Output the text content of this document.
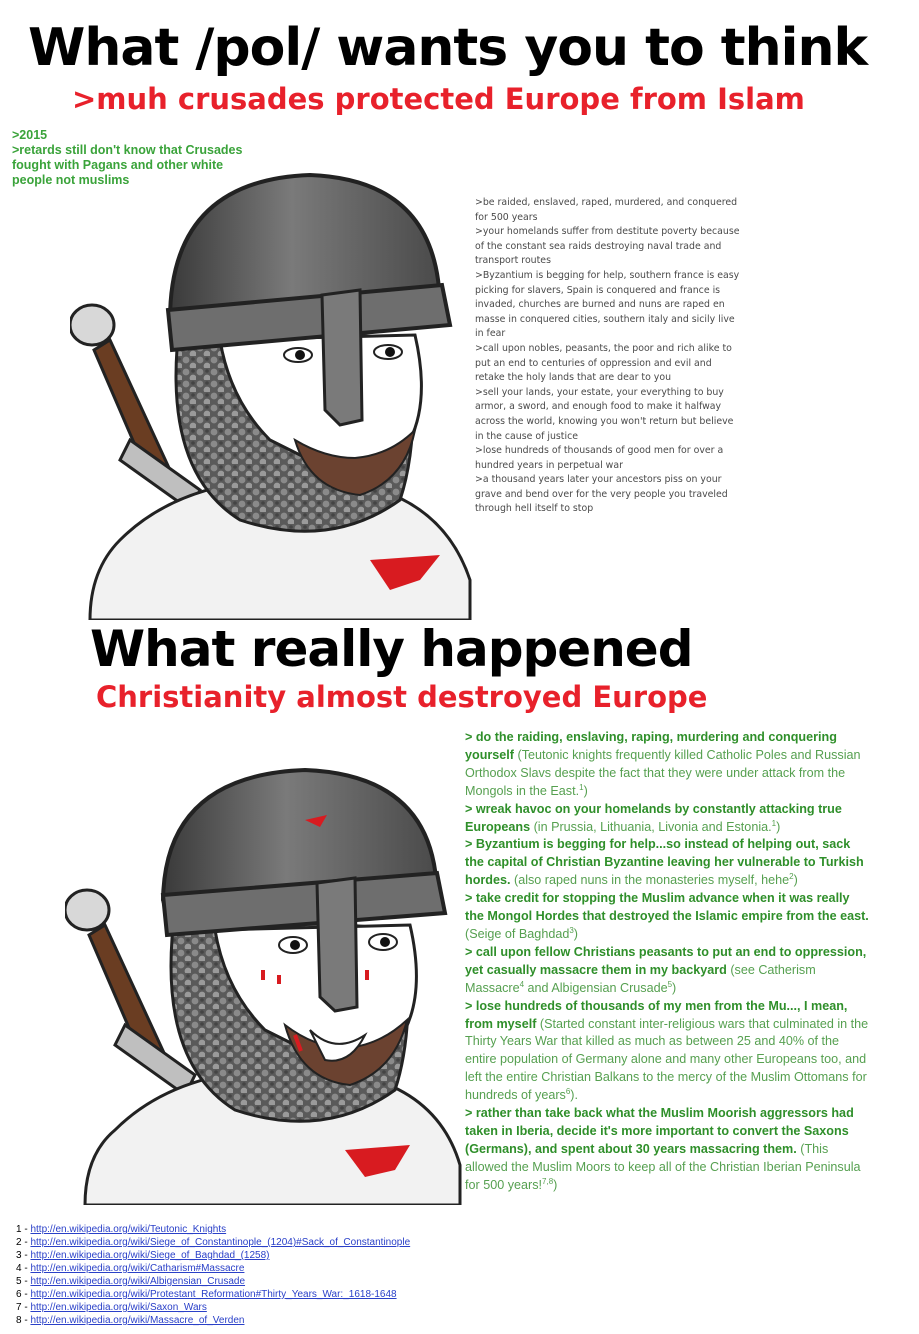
What /pol/ wants you to think
>muh crusades protected Europe from Islam
>2015
>retards still don't know that Crusades fought with Pagans and other white people not muslims
>be raided, enslaved, raped, murdered, and conquered for 500 years
>your homelands suffer from destitute poverty because of the constant sea raids destroying naval trade and transport routes
>Byzantium is begging for help, southern france is easy picking for slavers, Spain is conquered and france is invaded, churches are burned and nuns are raped en masse in conquered cities, southern italy and sicily live in fear
>call upon nobles, peasants, the poor and rich alike to put an end to centuries of oppression and evil and retake the holy lands that are dear to you
>sell your lands, your estate, your everything to buy armor, a sword, and enough food to make it halfway across the world, knowing you won't return but believe in the cause of justice
>lose hundreds of thousands of good men for over a hundred years in perpetual war
>a thousand years later your ancestors piss on your grave and bend over for the very people you traveled through hell itself to stop
What really happened
Christianity almost destroyed Europe
> do the raiding, enslaving, raping, murdering and conquering yourself (Teutonic knights frequently killed Catholic Poles and Russian Orthodox Slavs despite the fact that they were under attack from the Mongols in the East.$^1$)
> wreak havoc on your homelands by constantly attacking true Europeans (in Prussia, Lithuania, Livonia and Estonia.$^1$)
> Byzantium is begging for help...so instead of helping out, sack the capital of Christian Byzantine leaving her vulnerable to Turkish hordes. (also raped nuns in the monasteries myself, hehe$^2$)
> take credit for stopping the Muslim advance when it was really the Mongol Hordes that destroyed the Islamic empire from the east. (Seige of Baghdad$^3$)
> call upon fellow Christians peasants to put an end to oppression, yet casually massacre them in my backyard (see Catherism Massacre$^4$ and Albigensian Crusade$^5$)
> lose hundreds of thousands of my men from the Mu..., I mean, from myself (Started constant inter-religious wars that culminated in the Thirty Years War that killed as much as between 25 and 40% of the entire population of Germany alone and many other Europeans too, and left the entire Christian Balkans to the mercy of the Muslim Ottomans for hundreds of years$^6$).
> rather than take back what the Muslim Moorish aggressors had taken in Iberia, decide it's more important to convert the Saxons (Germans), and spent about 30 years massacring them. (This allowed the Muslim Moors to keep all of the Christian Iberian Peninsula for 500 years!$^{7,8}$)
1 - http://en.wikipedia.org/wiki/Teutonic_Knights
2 - http://en.wikipedia.org/wiki/Siege_of_Constantinople_(1204)#Sack_of_Constantinople
3 - http://en.wikipedia.org/wiki/Siege_of_Baghdad_(1258)
4 - http://en.wikipedia.org/wiki/Catharism#Massacre
5 - http://en.wikipedia.org/wiki/Albigensian_Crusade
6 - http://en.wikipedia.org/wiki/Protestant_Reformation#Thirty_Years_War:_1618-1648
7 - http://en.wikipedia.org/wiki/Saxon_Wars
8 - http://en.wikipedia.org/wiki/Massacre_of_Verden
